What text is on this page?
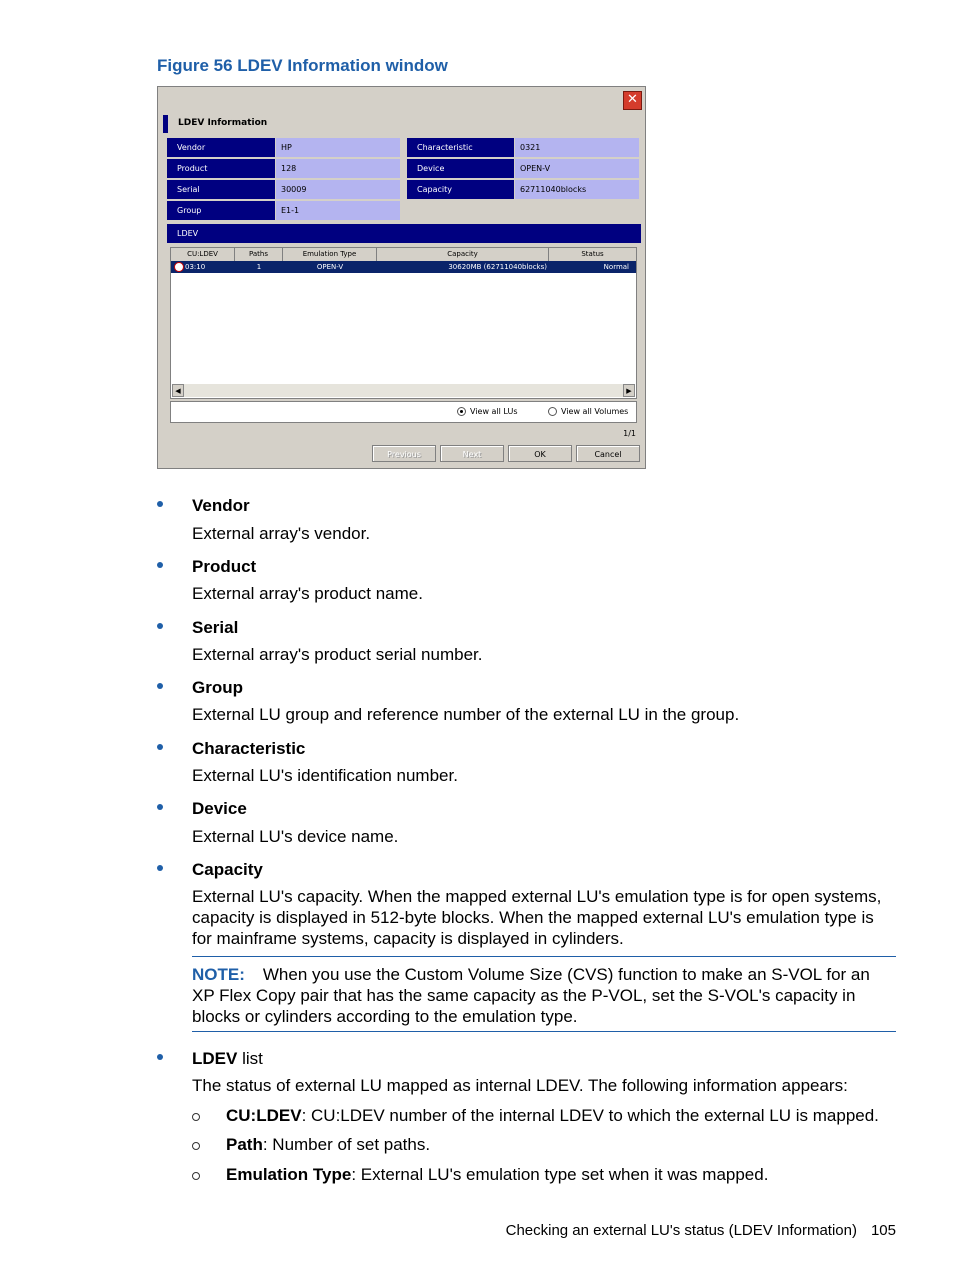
Figure 56 LDEV Information window
✕
LDEV Information
Vendor	HP
Product	128
Serial	30009
Group	E1-1
Characteristic	0321
Device	OPEN-V
Capacity	62711040blocks
LDEV
CU:LDEV	Paths	Emulation Type	Capacity	Status
03:10	1	OPEN-V	30620MB (62711040blocks)	Normal
◀	▶
View all LUs	View all Volumes
1/1
Previous	Next	OK	Cancel
Vendor
External array's vendor.
Product
External array's product name.
Serial
External array's product serial number.
Group
External LU group and reference number of the external LU in the group.
Characteristic
External LU's identification number.
Device
External LU's device name.
Capacity
External LU's capacity. When the mapped external LU's emulation type is for open systems, capacity is displayed in 512-byte blocks. When the mapped external LU's emulation type is for mainframe systems, capacity is displayed in cylinders.
NOTE: When you use the Custom Volume Size (CVS) function to make an S-VOL for an XP Flex Copy pair that has the same capacity as the P-VOL, set the S-VOL's capacity in blocks or cylinders according to the emulation type.
LDEV list
The status of external LU mapped as internal LDEV. The following information appears:
CU:LDEV: CU:LDEV number of the internal LDEV to which the external LU is mapped.
Path: Number of set paths.
Emulation Type: External LU's emulation type set when it was mapped.
Checking an external LU's status (LDEV Information) 105
